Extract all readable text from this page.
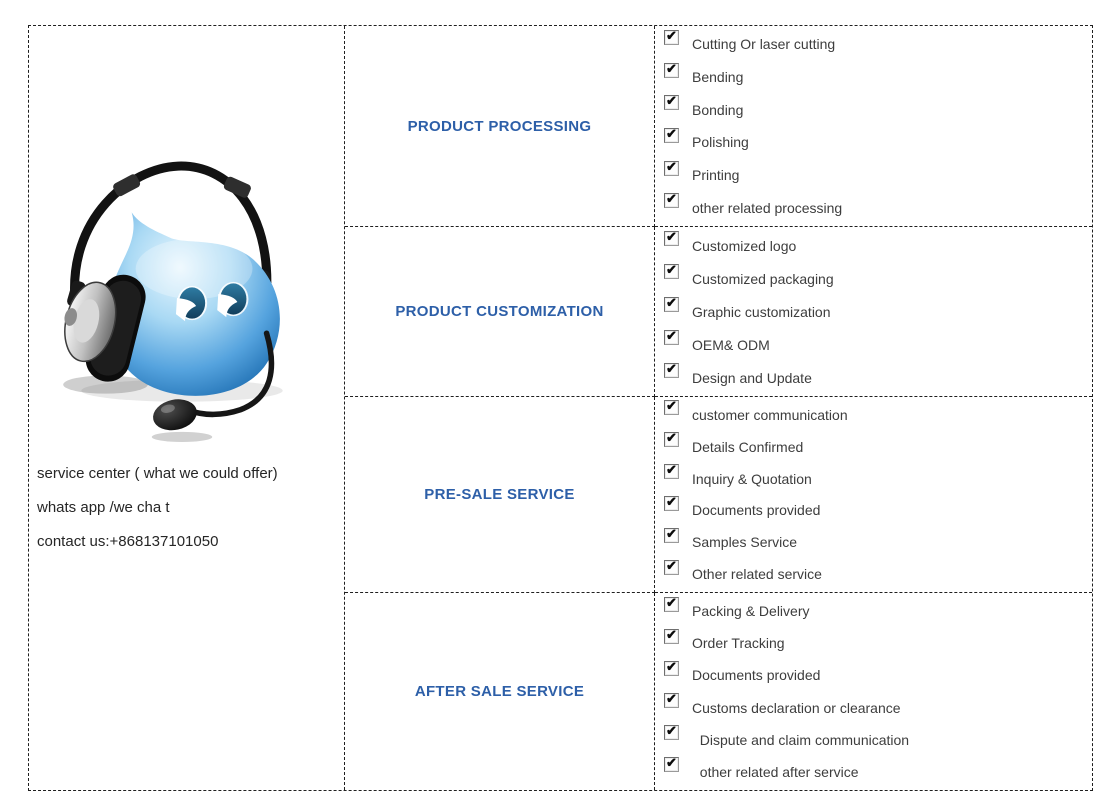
service center ( what we could offer)

whats app /we cha t

contact us:+868137101050

PRODUCT PROCESSING
✔
Cutting Or laser cutting
✔
Bending
✔
Bonding
✔
Polishing
✔
Printing
✔
other related processing
PRODUCT CUSTOMIZATION
✔
Customized logo
✔
Customized packaging
✔
Graphic customization
✔
OEM& ODM
✔
Design and Update
PRE-SALE SERVICE
✔
customer communication
✔
Details Confirmed
✔
Inquiry & Quotation
✔
Documents provided
✔
Samples Service
✔
Other related service
AFTER SALE SERVICE
✔
Packing & Delivery
✔
Order Tracking
✔
Documents provided
✔
Customs declaration or clearance
✔
Dispute and claim communication
✔
other related after service
